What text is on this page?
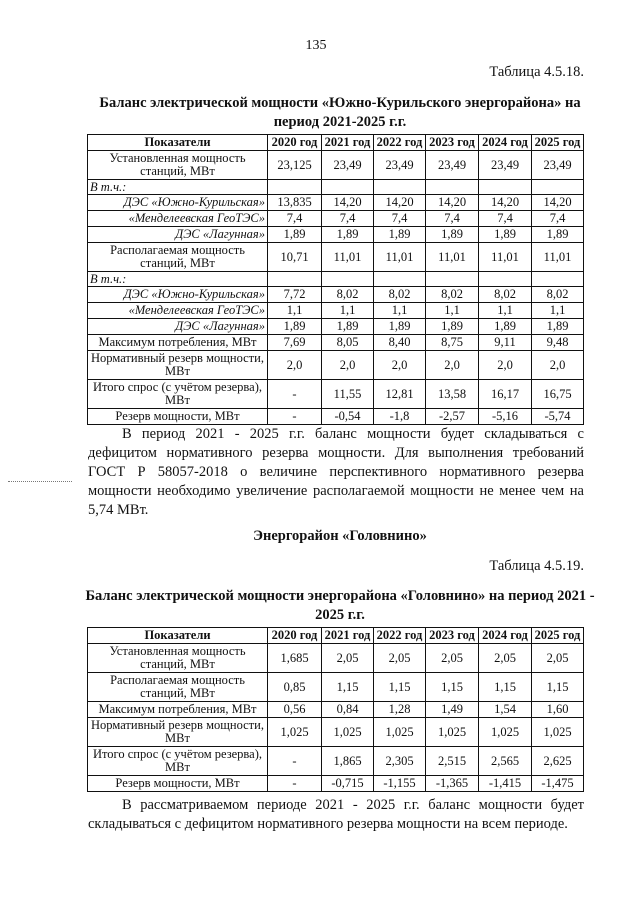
135
Таблица 4.5.18.
Баланс электрической мощности «Южно-Курильского энергорайона» на период 2021-2025 г.г.
Показатели	2020 год	2021 год	2022 год	2023 год	2024 год	2025 год
Установленная мощность станций, МВт	23,125	23,49	23,49	23,49	23,49	23,49
В т.ч.:						
ДЭС «Южно-Курильская»	13,835	14,20	14,20	14,20	14,20	14,20
«Менделеевская ГеоТЭС»	7,4	7,4	7,4	7,4	7,4	7,4
ДЭС «Лагунная»	1,89	1,89	1,89	1,89	1,89	1,89
Располагаемая мощность станций, МВт	10,71	11,01	11,01	11,01	11,01	11,01
В т.ч.:						
ДЭС «Южно-Курильская»	7,72	8,02	8,02	8,02	8,02	8,02
«Менделеевская ГеоТЭС»	1,1	1,1	1,1	1,1	1,1	1,1
ДЭС «Лагунная»	1,89	1,89	1,89	1,89	1,89	1,89
Максимум потребления, МВт	7,69	8,05	8,40	8,75	9,11	9,48
Нормативный резерв мощности, МВт	2,0	2,0	2,0	2,0	2,0	2,0
Итого спрос (с учётом резерва), МВт	-	11,55	12,81	13,58	16,17	16,75
Резерв мощности, МВт	-	-0,54	-1,8	-2,57	-5,16	-5,74

В период 2021 - 2025 г.г. баланс мощности будет складываться с дефицитом нормативного резерва мощности. Для выполнения требований ГОСТ Р 58057-2018 о величине перспективного нормативного резерва мощности необходимо увеличение располагаемой мощности не менее чем на 5,74 МВт.

Энергорайон «Головнино»
Таблица 4.5.19.
Баланс электрической мощности энергорайона «Головнино» на период 2021 - 2025 г.г.
Показатели	2020 год	2021 год	2022 год	2023 год	2024 год	2025 год
Установленная мощность станций, МВт	1,685	2,05	2,05	2,05	2,05	2,05
Располагаемая мощность станций, МВт	0,85	1,15	1,15	1,15	1,15	1,15
Максимум потребления, МВт	0,56	0,84	1,28	1,49	1,54	1,60
Нормативный резерв мощности, МВт	1,025	1,025	1,025	1,025	1,025	1,025
Итого спрос (с учётом резерва), МВт	-	1,865	2,305	2,515	2,565	2,625
Резерв мощности, МВт	-	-0,715	-1,155	-1,365	-1,415	-1,475

В рассматриваемом периоде 2021 - 2025 г.г. баланс мощности будет складываться с дефицитом нормативного резерва мощности на всем периоде.
